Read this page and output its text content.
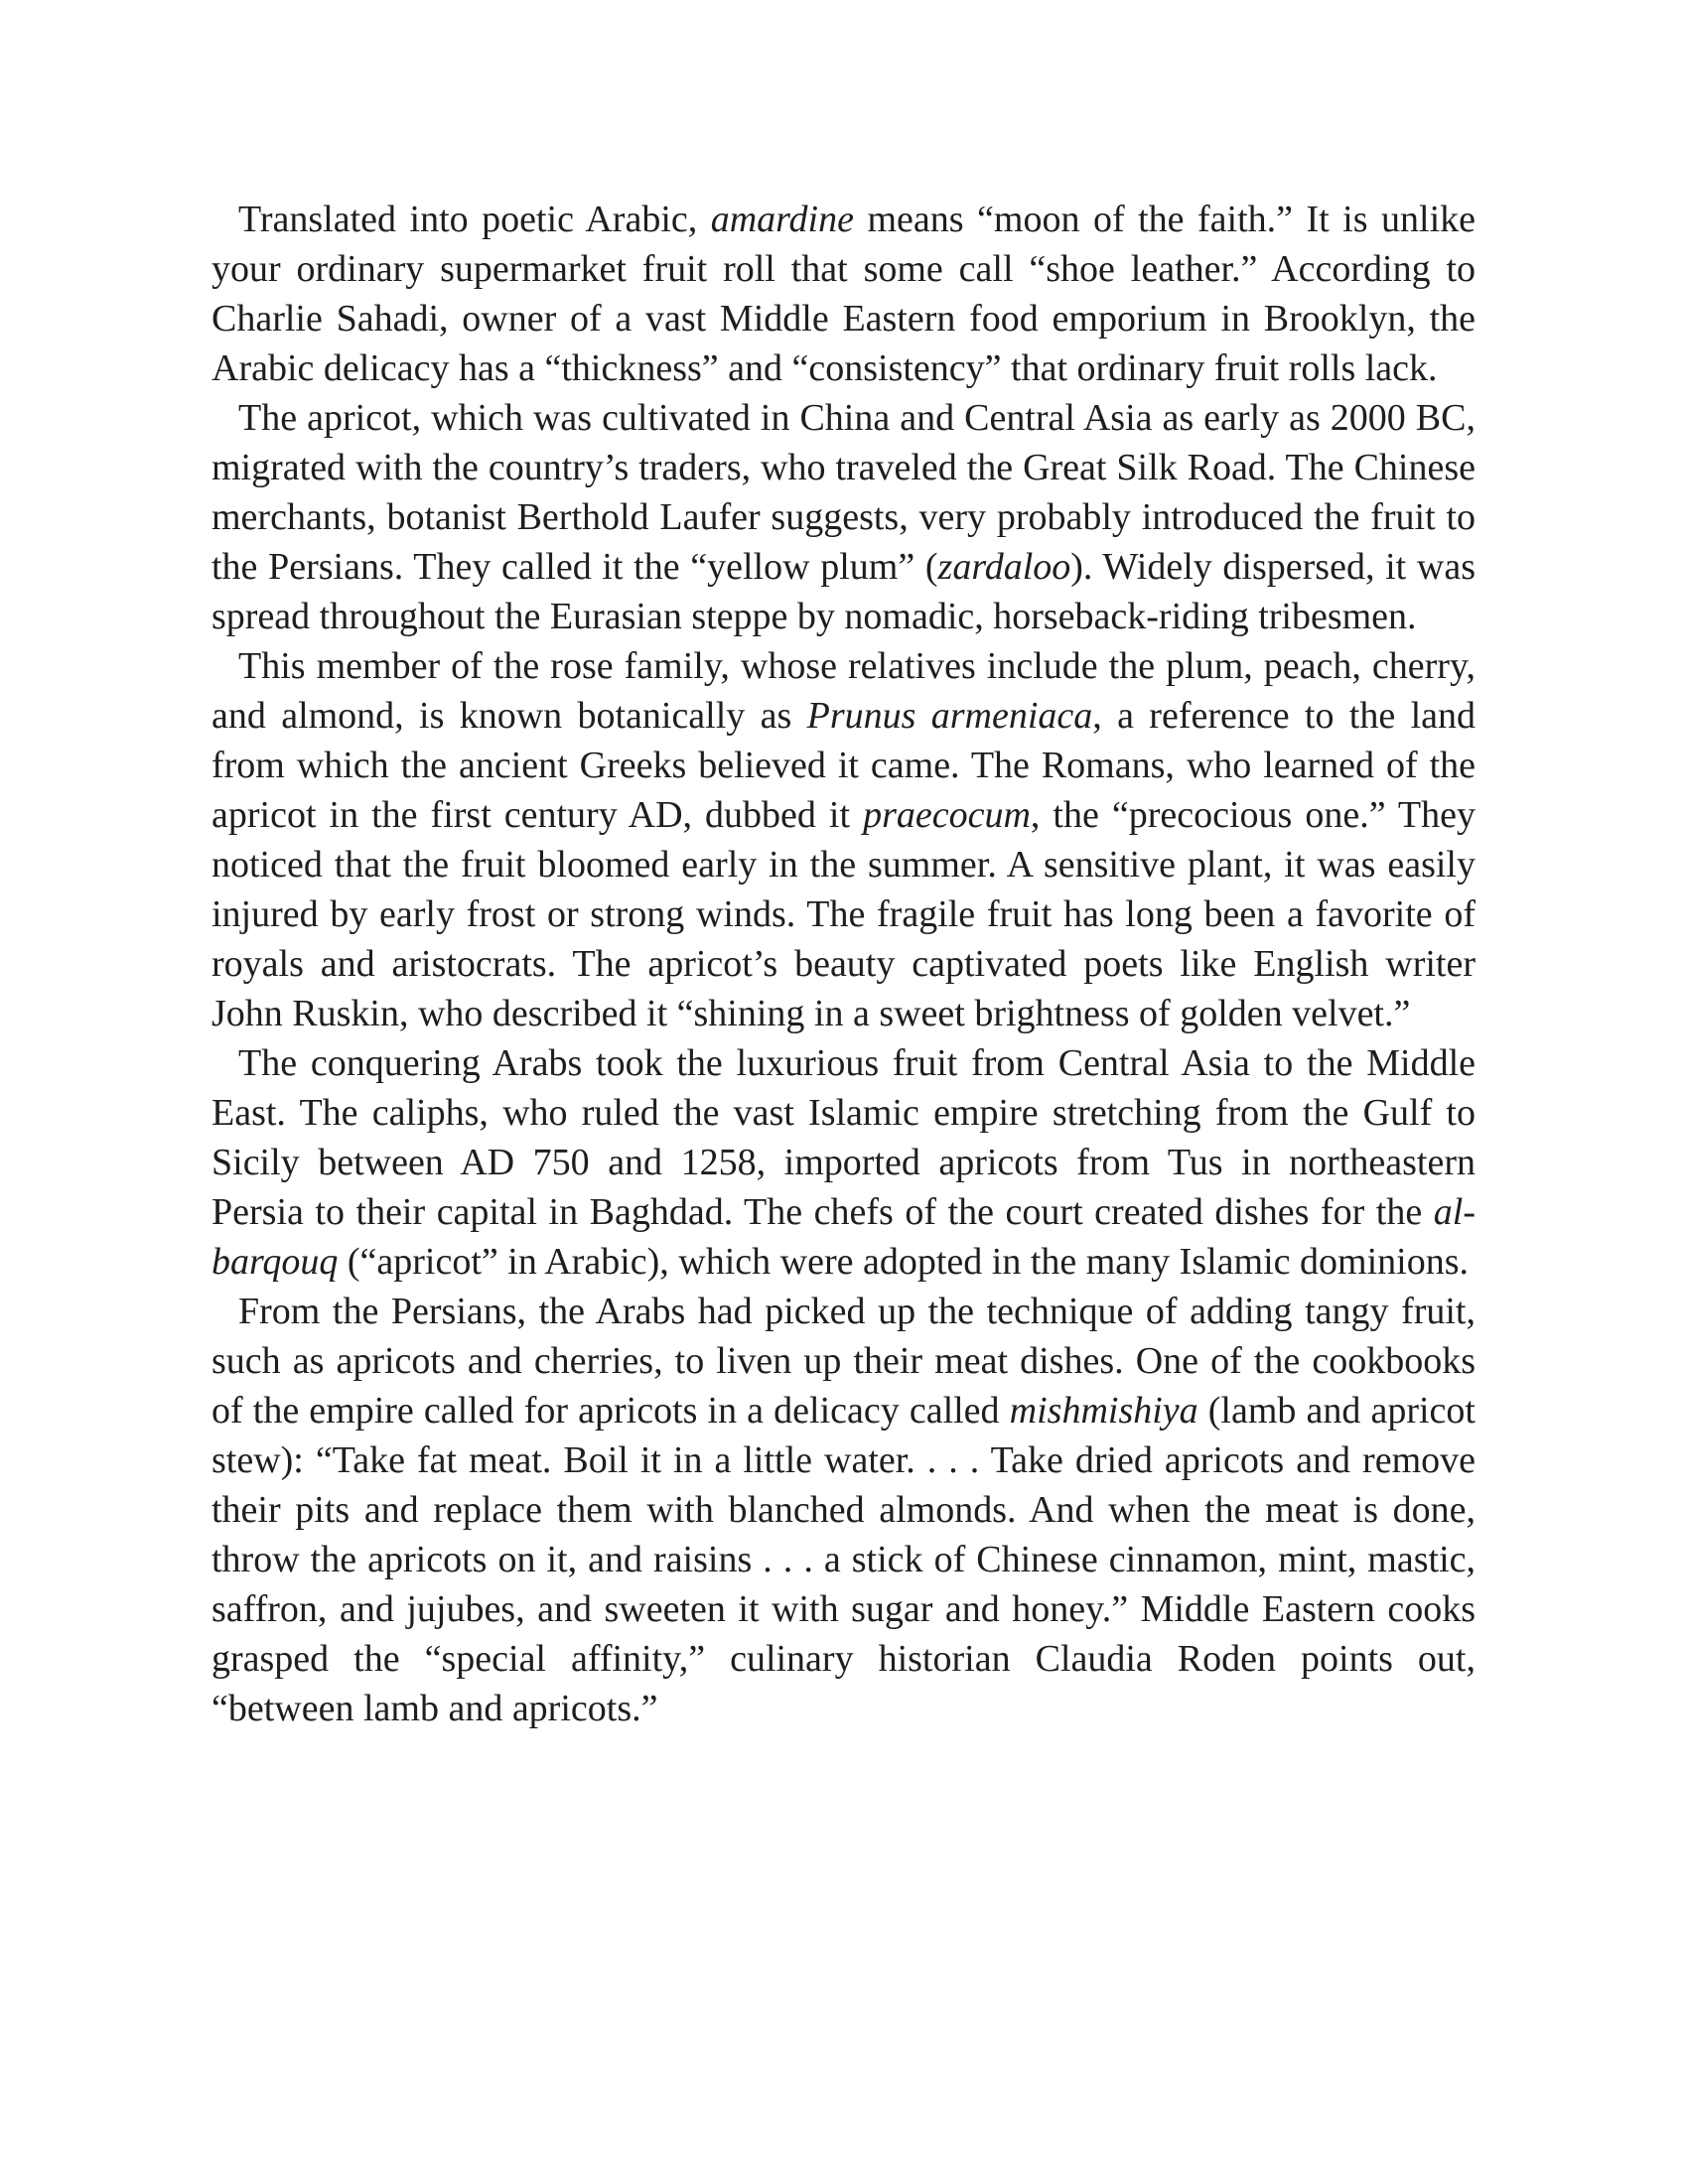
Translated into poetic Arabic, amardine means “moon of the faith.” It is unlike your ordinary supermarket fruit roll that some call “shoe leather.” According to Charlie Sahadi, owner of a vast Middle Eastern food emporium in Brooklyn, the Arabic delicacy has a “thickness” and “consistency” that ordinary fruit rolls lack.

The apricot, which was cultivated in China and Central Asia as early as 2000 BC, migrated with the country’s traders, who traveled the Great Silk Road. The Chinese merchants, botanist Berthold Laufer suggests, very probably introduced the fruit to the Persians. They called it the “yellow plum” (zardaloo). Widely dispersed, it was spread throughout the Eurasian steppe by nomadic, horseback-riding tribesmen.

This member of the rose family, whose relatives include the plum, peach, cherry, and almond, is known botanically as Prunus armeniaca, a reference to the land from which the ancient Greeks believed it came. The Romans, who learned of the apricot in the first century AD, dubbed it praecocum, the “precocious one.” They noticed that the fruit bloomed early in the summer. A sensitive plant, it was easily injured by early frost or strong winds. The fragile fruit has long been a favorite of royals and aristocrats. The apricot’s beauty captivated poets like English writer John Ruskin, who described it “shining in a sweet brightness of golden velvet.”

The conquering Arabs took the luxurious fruit from Central Asia to the Middle East. The caliphs, who ruled the vast Islamic empire stretching from the Gulf to Sicily between AD 750 and 1258, imported apricots from Tus in northeastern Persia to their capital in Baghdad. The chefs of the court created dishes for the al-barqouq (“apricot” in Arabic), which were adopted in the many Islamic dominions.

From the Persians, the Arabs had picked up the technique of adding tangy fruit, such as apricots and cherries, to liven up their meat dishes. One of the cookbooks of the empire called for apricots in a delicacy called mishmishiya (lamb and apricot stew): “Take fat meat. Boil it in a little water. . . . Take dried apricots and remove their pits and replace them with blanched almonds. And when the meat is done, throw the apricots on it, and raisins . . . a stick of Chinese cinnamon, mint, mastic, saffron, and jujubes, and sweeten it with sugar and honey.” Middle Eastern cooks grasped the “special affinity,” culinary historian Claudia Roden points out, “between lamb and apricots.”
